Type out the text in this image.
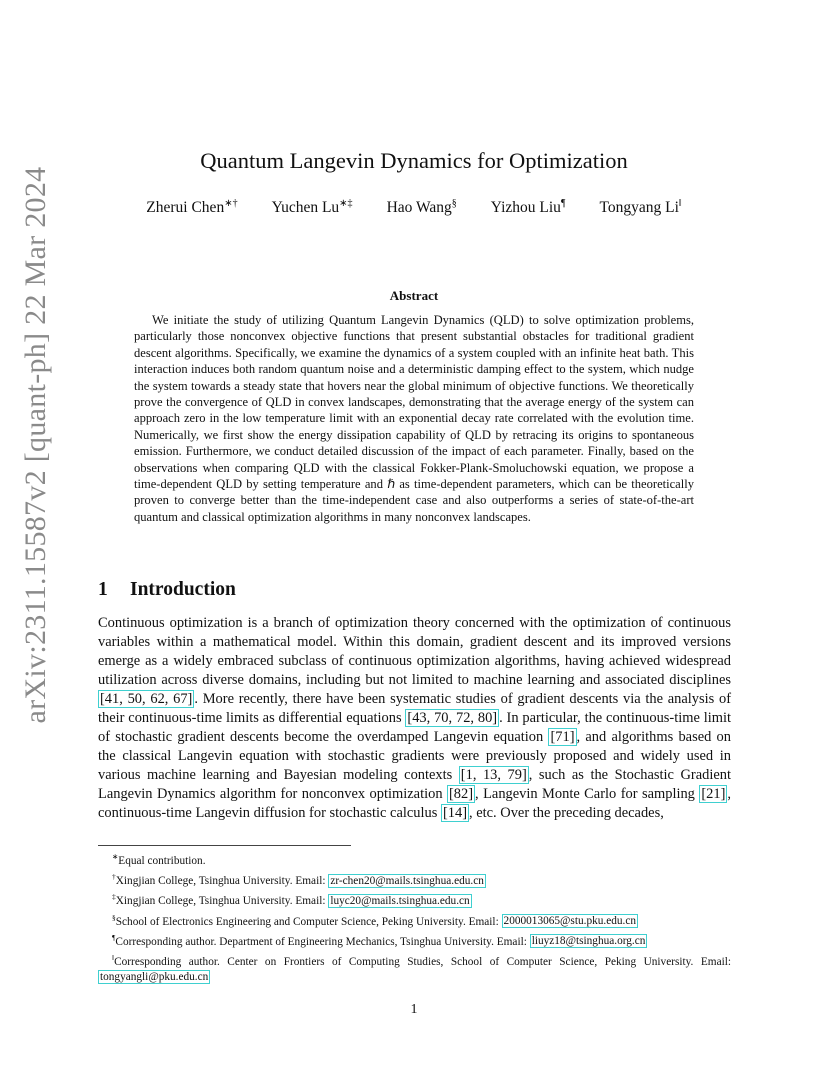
arXiv:2311.15587v2 [quant-ph] 22 Mar 2024
Quantum Langevin Dynamics for Optimization
Zherui Chen∗† Yuchen Lu∗‡ Hao Wang§ Yizhou Liu¶ Tongyang Li‖
Abstract
We initiate the study of utilizing Quantum Langevin Dynamics (QLD) to solve optimization problems, particularly those nonconvex objective functions that present substantial obstacles for traditional gradient descent algorithms. Specifically, we examine the dynamics of a system coupled with an infinite heat bath. This interaction induces both random quantum noise and a deterministic damping effect to the system, which nudge the system towards a steady state that hovers near the global minimum of objective functions. We theoretically prove the convergence of QLD in convex landscapes, demonstrating that the average energy of the system can approach zero in the low temperature limit with an exponential decay rate correlated with the evolution time. Numerically, we first show the energy dissipation capability of QLD by retracing its origins to spontaneous emission. Furthermore, we conduct detailed discussion of the impact of each parameter. Finally, based on the observations when comparing QLD with the classical Fokker-Plank-Smoluchowski equation, we propose a time-dependent QLD by setting temperature and ℏ as time-dependent parameters, which can be theoretically proven to converge better than the time-independent case and also outperforms a series of state-of-the-art quantum and classical optimization algorithms in many nonconvex landscapes.
1 Introduction
Continuous optimization is a branch of optimization theory concerned with the optimization of continuous variables within a mathematical model. Within this domain, gradient descent and its improved versions emerge as a widely embraced subclass of continuous optimization algorithms, having achieved widespread utilization across diverse domains, including but not limited to machine learning and associated disciplines [41, 50, 62, 67] . More recently, there have been systematic studies of gradient descents via the analysis of their continuous-time limits as differential equations [43, 70, 72, 80] . In particular, the continuous-time limit of stochastic gradient descents become the overdamped Langevin equation [71] , and algorithms based on the classical Langevin equation with stochastic gradients were previously proposed and widely used in various machine learning and Bayesian modeling contexts [1, 13, 79] , such as the Stochastic Gradient Langevin Dynamics algorithm for nonconvex optimization [82] , Langevin Monte Carlo for sampling [21] , continuous-time Langevin diffusion for stochastic calculus [14] , etc. Over the preceding decades,

∗Equal contribution.

†Xingjian College, Tsinghua University. Email: zr-chen20@mails.tsinghua.edu.cn

‡Xingjian College, Tsinghua University. Email: luyc20@mails.tsinghua.edu.cn

§School of Electronics Engineering and Computer Science, Peking University. Email: 2000013065@stu.pku.edu.cn

¶Corresponding author. Department of Engineering Mechanics, Tsinghua University. Email: liuyz18@tsinghua.org.cn

‖Corresponding author. Center on Frontiers of Computing Studies, School of Computer Science, Peking University. Email: tongyangli@pku.edu.cn

1
